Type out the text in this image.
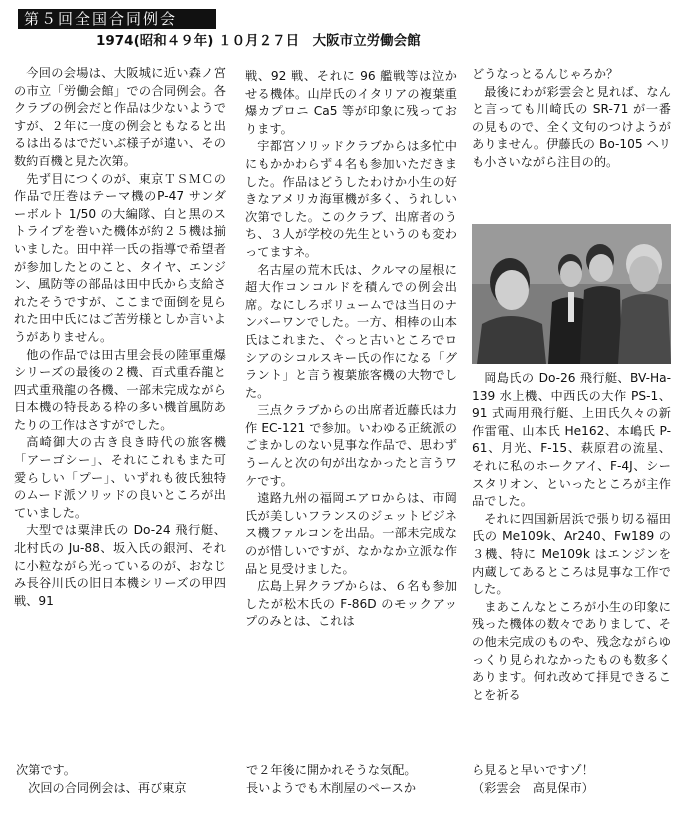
第５回全国合同例会
1974(昭和４９年) １０月２７日　大阪市立労働会館

今回の会場は、大阪城に近い森ノ宮の市立「労働会館」での合同例会。各クラブの例会だと作品は少ないようですが、２年に一度の例会ともなると出るは出るはでだいぶ様子が違い、その数約百機と見た次第。

先ず目につくのが、東京ＴＳＭＣの作品で圧巻はテーマ機のP-47 サンダーボルト 1/50 の大編隊、白と黒のストライプを巻いた機体が約２５機は揃いました。田中祥一氏の指導で希望者が参加したとのこと、タイヤ、エンジン、風防等の部品は田中氏から支給されたそうですが、ここまで面倒を見られた田中氏にはご苦労様としか言いようがありません。

他の作品では田古里会長の陸軍重爆シリーズの最後の２機、百式重呑龍と四式重飛龍の各機、一部未完成ながら日本機の特長ある枠の多い機首風防あたりの工作はさすがでした。

高崎御大の古き良き時代の旅客機「アーゴシー」、それにこれもまた可愛らしい「プー」、いずれも彼氏独特のムード派ソリッドの良いところが出ていました。

大型では粟津氏の Do-24 飛行艇、北村氏の Ju-88、坂入氏の銀河、それに小粒ながら光っているのが、おなじみ長谷川氏の旧日本機シリーズの甲四戦、91

戦、92 戦、それに 96 艦戦等は泣かせる機体。山岸氏のイタリアの複葉重爆カプロニ Ca5 等が印象に残っております。

宇都宮ソリッドクラブからは多忙中にもかかわらず４名も参加いただきました。作品はどうしたわけか小生の好きなアメリカ海軍機が多く、うれしい次第でした。このクラブ、出席者のうち、３人が学校の先生というのも変わってますネ。

名古屋の荒木氏は、クルマの屋根に超大作コンコルドを積んでの例会出席。なにしろボリュームでは当日のナンバーワンでした。一方、相棒の山本氏はこれまた、ぐっと古いところでロシアのシコルスキー氏の作になる「グラント」と言う複葉旅客機の大物でした。

三点クラブからの出席者近藤氏は力作 EC-121 で参加。いわゆる正統派のごまかしのない見事な作品で、思わずうーんと次の句が出なかったと言うワケです。

遠路九州の福岡エアロからは、市岡氏が美しいフランスのジェットビジネス機ファルコンを出品。一部未完成なのが惜しいですが、なかなか立派な作品と見受けました。

広島上昇クラブからは、６名も参加したが松木氏の F-86D のモックアップのみとは、これは

どうなっとるんじゃろか？

最後にわが彩雲会と見れば、なんと言っても川崎氏の SR-71 が一番の見もので、全く文句のつけようがありません。伊藤氏の Bo-105 ヘリも小さいながら注目の的。

岡島氏の Do-26 飛行艇、BV-Ha-139 水上機、中西氏の大作 PS-1、91 式両用飛行艇、上田氏久々の新作雷電、山本氏 He162、本嶋氏 P-61、月光、F-15、萩原君の流星、それに私のホークアイ、F-4J、シースタリオン、といったところが主作品でした。

それに四国新居浜で張り切る福田氏の Me109k、Ar240、Fw189 の３機、特に Me109k はエンジンを内蔵してあるところは見事な工作でした。

まあこんなところが小生の印象に残った機体の数々でありまして、その他未完成のものや、残念ながらゆっくり見られなかったものも数多くあります。何れ改めて拝見できることを祈る

次第です。
　次回の合同例会は、再び東京
で２年後に開かれそうな気配。
長いようでも木削屋のペースか
ら見ると早いですゾ！
（彩雲会　高見保市）
